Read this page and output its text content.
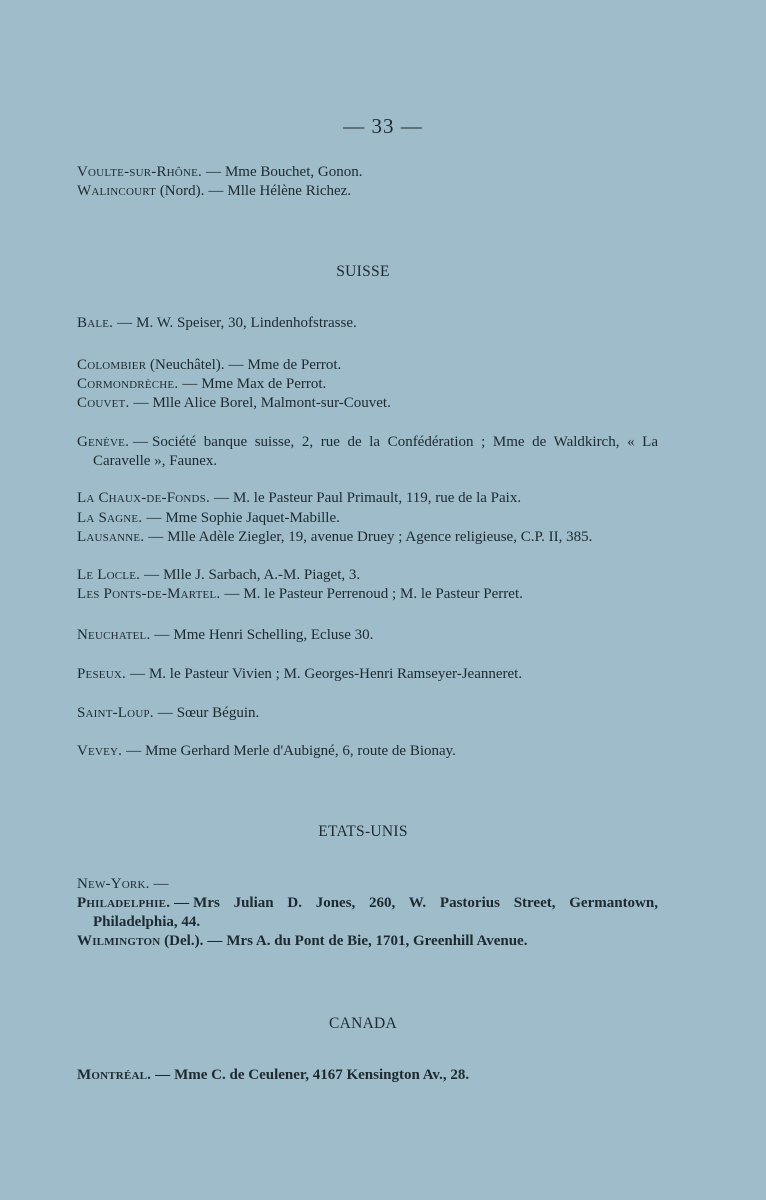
— 33 —
Voulte-sur-Rhône. — Mme Bouchet, Gonon.
Walincourt (Nord). — Mlle Hélène Richez.
SUISSE
Bale. — M. W. Speiser, 30, Lindenhofstrasse.
Colombier (Neuchâtel). — Mme de Perrot.
Cormondrèche. — Mme Max de Perrot.
Couvet. — Mlle Alice Borel, Malmont-sur-Couvet.
Genève. — Société banque suisse, 2, rue de la Confédération ; Mme de Waldkirch, « La Caravelle », Faunex.
La Chaux-de-Fonds. — M. le Pasteur Paul Primault, 119, rue de la Paix.
La Sagne. — Mme Sophie Jaquet-Mabille.
Lausanne. — Mlle Adèle Ziegler, 19, avenue Druey ; Agence religieuse, C.P. II, 385.
Le Locle. — Mlle J. Sarbach, A.-M. Piaget, 3.
Les Ponts-de-Martel. — M. le Pasteur Perrenoud ; M. le Pasteur Perret.
Neuchatel. — Mme Henri Schelling, Ecluse 30.
Peseux. — M. le Pasteur Vivien ; M. Georges-Henri Ramseyer-Jeanneret.
Saint-Loup. — Sœur Béguin.
Vevey. — Mme Gerhard Merle d'Aubigné, 6, route de Bionay.
ETATS-UNIS
New-York. —
Philadelphie. — Mrs Julian D. Jones, 260, W. Pastorius Street, Germantown, Philadelphia, 44.
Wilmington (Del.). — Mrs A. du Pont de Bie, 1701, Greenhill Avenue.
CANADA
Montréal. — Mme C. de Ceulener, 4167 Kensington Av., 28.
